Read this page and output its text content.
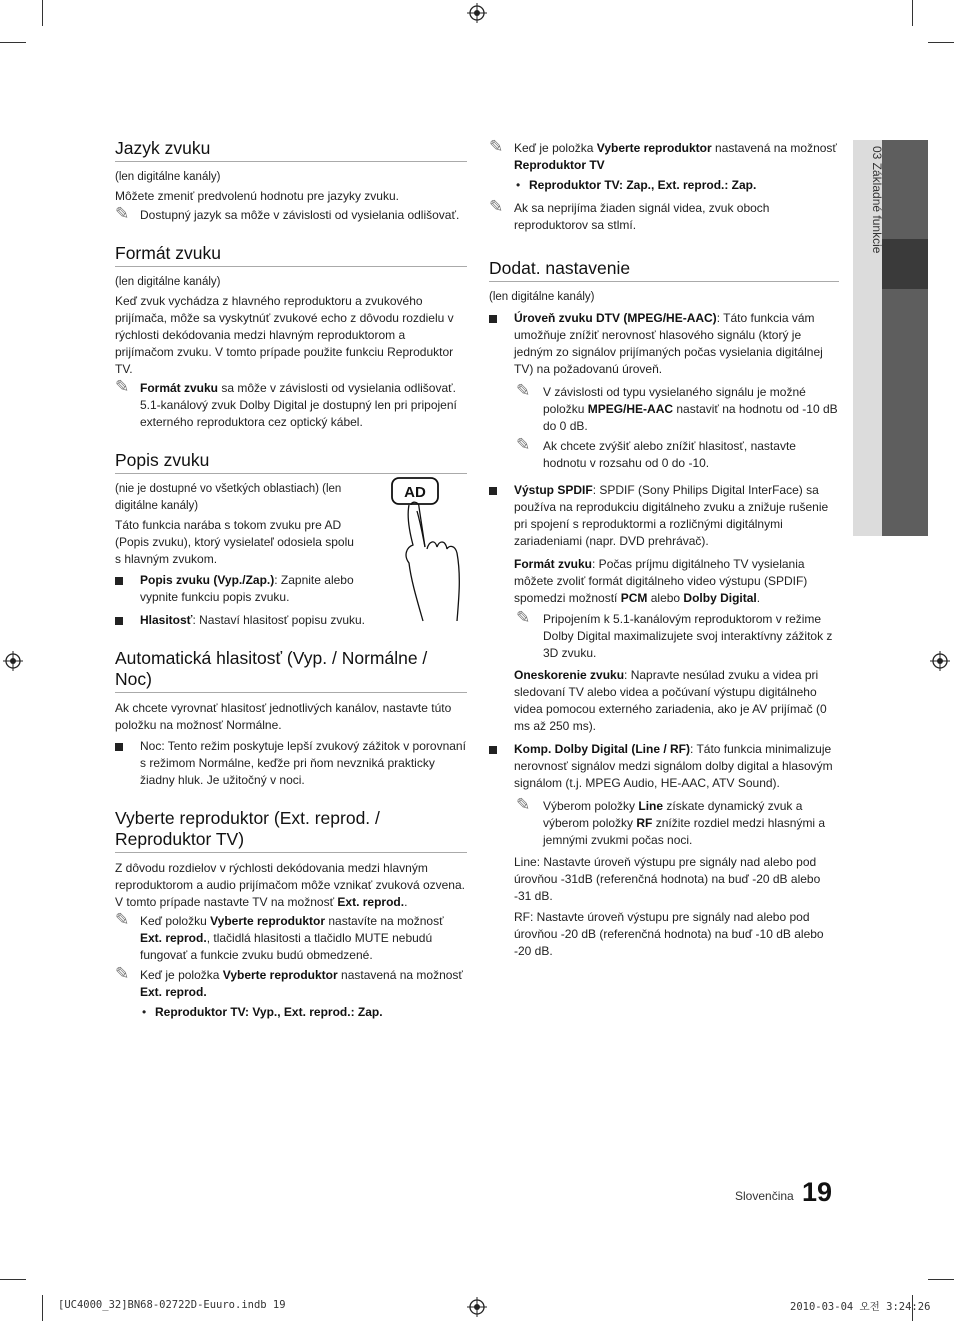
03 Základné funkcie
Jazyk zvuku

(len digitálne kanály)

Môžete zmeniť predvolenú hodnotu pre jazyky zvuku.

✎ Dostupný jazyk sa môže v závislosti od vysielania odlišovať.
Formát zvuku

(len digitálne kanály)

Keď zvuk vychádza z hlavného reproduktoru a zvukového prijímača, môže sa vyskytnúť zvukové echo z dôvodu rozdielu v rýchlosti dekódovania medzi hlavným reproduktorom a prijímačom zvuku. V tomto prípade použite funkciu Reproduktor TV.

✎ Formát zvuku sa môže v závislosti od vysielania odlišovať. 5.1-kanálový zvuk Dolby Digital je dostupný len pri pripojení externého reproduktora cez optický kábel.
Popis zvuku

(nie je dostupné vo všetkých oblastiach) (len digitálne kanály)

Táto funkcia narába s tokom zvuku pre AD (Popis zvuku), ktorý vysielateľ odosiela spolu s hlavným zvukom.

Popis zvuku (Vyp./Zap.): Zapnite alebo vypnite funkciu popis zvuku.
Hlasitosť: Nastaví hlasitosť popisu zvuku.
AD
Automatická hlasitosť (Vyp. / Normálne / Noc)

Ak chcete vyrovnať hlasitosť jednotlivých kanálov, nastavte túto položku na možnosť Normálne.

Noc: Tento režim poskytuje lepší zvukový zážitok v porovnaní s režimom Normálne, keďže pri ňom nevzniká prakticky žiadny hluk. Je užitočný v noci.
Vyberte reproduktor (Ext. reprod. / Reproduktor TV)

Z dôvodu rozdielov v rýchlosti dekódovania medzi hlavným reproduktorom a audio prijímačom môže vznikať zvuková ozvena. V tomto prípade nastavte TV na možnosť Ext. reprod..

✎ Keď položku Vyberte reproduktor nastavíte na možnosť Ext. reprod., tlačidlá hlasitosti a tlačidlo MUTE nebudú fungovať a funkcie zvuku budú obmedzené.
✎ Keď je položka Vyberte reproduktor nastavená na možnosť Ext. reprod.
• Reproduktor TV: Vyp., Ext. reprod.: Zap.
✎ Keď je položka Vyberte reproduktor nastavená na možnosť Reproduktor TV
• Reproduktor TV: Zap., Ext. reprod.: Zap.
✎ Ak sa neprijíma žiaden signál videa, zvuk oboch reproduktorov sa stlmí.
Dodat. nastavenie

(len digitálne kanály)

Úroveň zvuku DTV (MPEG/HE-AAC): Táto funkcia vám umožňuje znížiť nerovnosť hlasového signálu (ktorý je jedným zo signálov prijímaných počas vysielania digitálnej TV) na požadovanú úroveň.
✎ V závislosti od typu vysielaného signálu je možné položku MPEG/HE-AAC nastaviť na hodnotu od -10 dB do 0 dB.
✎ Ak chcete zvýšiť alebo znížiť hlasitosť, nastavte hodnotu v rozsahu od 0 do -10.
Výstup SPDIF: SPDIF (Sony Philips Digital InterFace) sa používa na reprodukciu digitálneho zvuku a znižuje rušenie pri spojení s reproduktormi a rozličnými digitálnymi zariadeniami (napr. DVD prehrávač).

Formát zvuku: Počas príjmu digitálneho TV vysielania môžete zvoliť formát digitálneho video výstupu (SPDIF) spomedzi možností PCM alebo Dolby Digital.

✎ Pripojením k 5.1-kanálovým reproduktorom v režime Dolby Digital maximalizujete svoj interaktívny zážitok z 3D zvuku.

Oneskorenie zvuku: Napravte nesúlad zvuku a videa pri sledovaní TV alebo videa a počúvaní výstupu digitálneho videa pomocou externého zariadenia, ako je AV prijímač (0 ms až 250 ms).

Komp. Dolby Digital (Line / RF): Táto funkcia minimalizuje nerovnosť signálov medzi signálom dolby digital a hlasovým signálom (t.j. MPEG Audio, HE-AAC, ATV Sound).
✎ Výberom položky Line získate dynamický zvuk a výberom položky RF znížite rozdiel medzi hlasnými a jemnými zvukmi počas noci.

Line: Nastavte úroveň výstupu pre signály nad alebo pod úrovňou -31dB (referenčná hodnota) na buď -20 dB alebo -31 dB.

RF: Nastavte úroveň výstupu pre signály nad alebo pod úrovňou -20 dB (referenčná hodnota) na buď -10 dB alebo -20 dB.

Slovenčina 19
[UC4000_32]BN68-02722D-Euuro.indb 19	2010-03-04 오전 3:24:26
